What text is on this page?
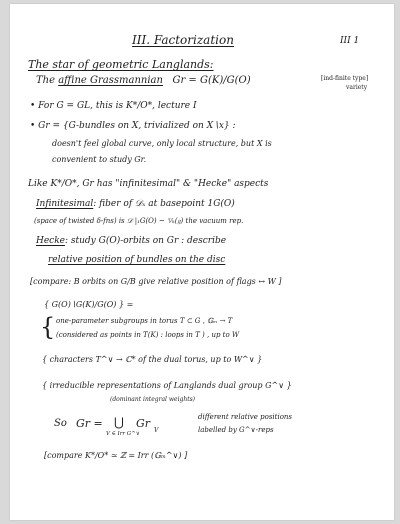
III. Factorization	III 1
The star of geometric Langlands:
The affine Grassmannian Gr = G(K)/G(O)	[ind-finite type]
variety
• For G = GL, this is K*/O*, lecture I
• Gr = {G-bundles on X, trivialized on X∖x} :
doesn't feel global curve, only local structure, but X is
convenient to study Gr.
Like K*/O*, Gr has "infinitesimal" & "Hecke" aspects
Infinitesimal: fiber of 𝒟ₓ at basepoint 1G(O)
(space of twisted δ-fns) is 𝒟 |₁G(O) ~ 𝕍ₖ(𝔤) the vacuum rep.
Hecke: study G(O)-orbits on Gr : describe
relative position of bundles on the disc
[compare: B orbits on G/B give relative position of flags ↔ W ]
{ G(O)∖G(K)/G(O) } =
{ one-parameter subgroups in torus T ⊂ G , 𝔾ₘ → T
(considered as points in T(K) : loops in T ) , up to W
{ characters T^∨ → ℂ* of the dual torus, up to W^∨ }
{ irreducible representations of Langlands dual group G^∨ }
(dominant integral weights)
So Gr = ⋃
V ∈ Irr G^∨
Gr
V
different relative positions
labelled by G^∨-reps
[compare K*/O* ≃ ℤ = Irr (𝔾ₘ^∨) ]
